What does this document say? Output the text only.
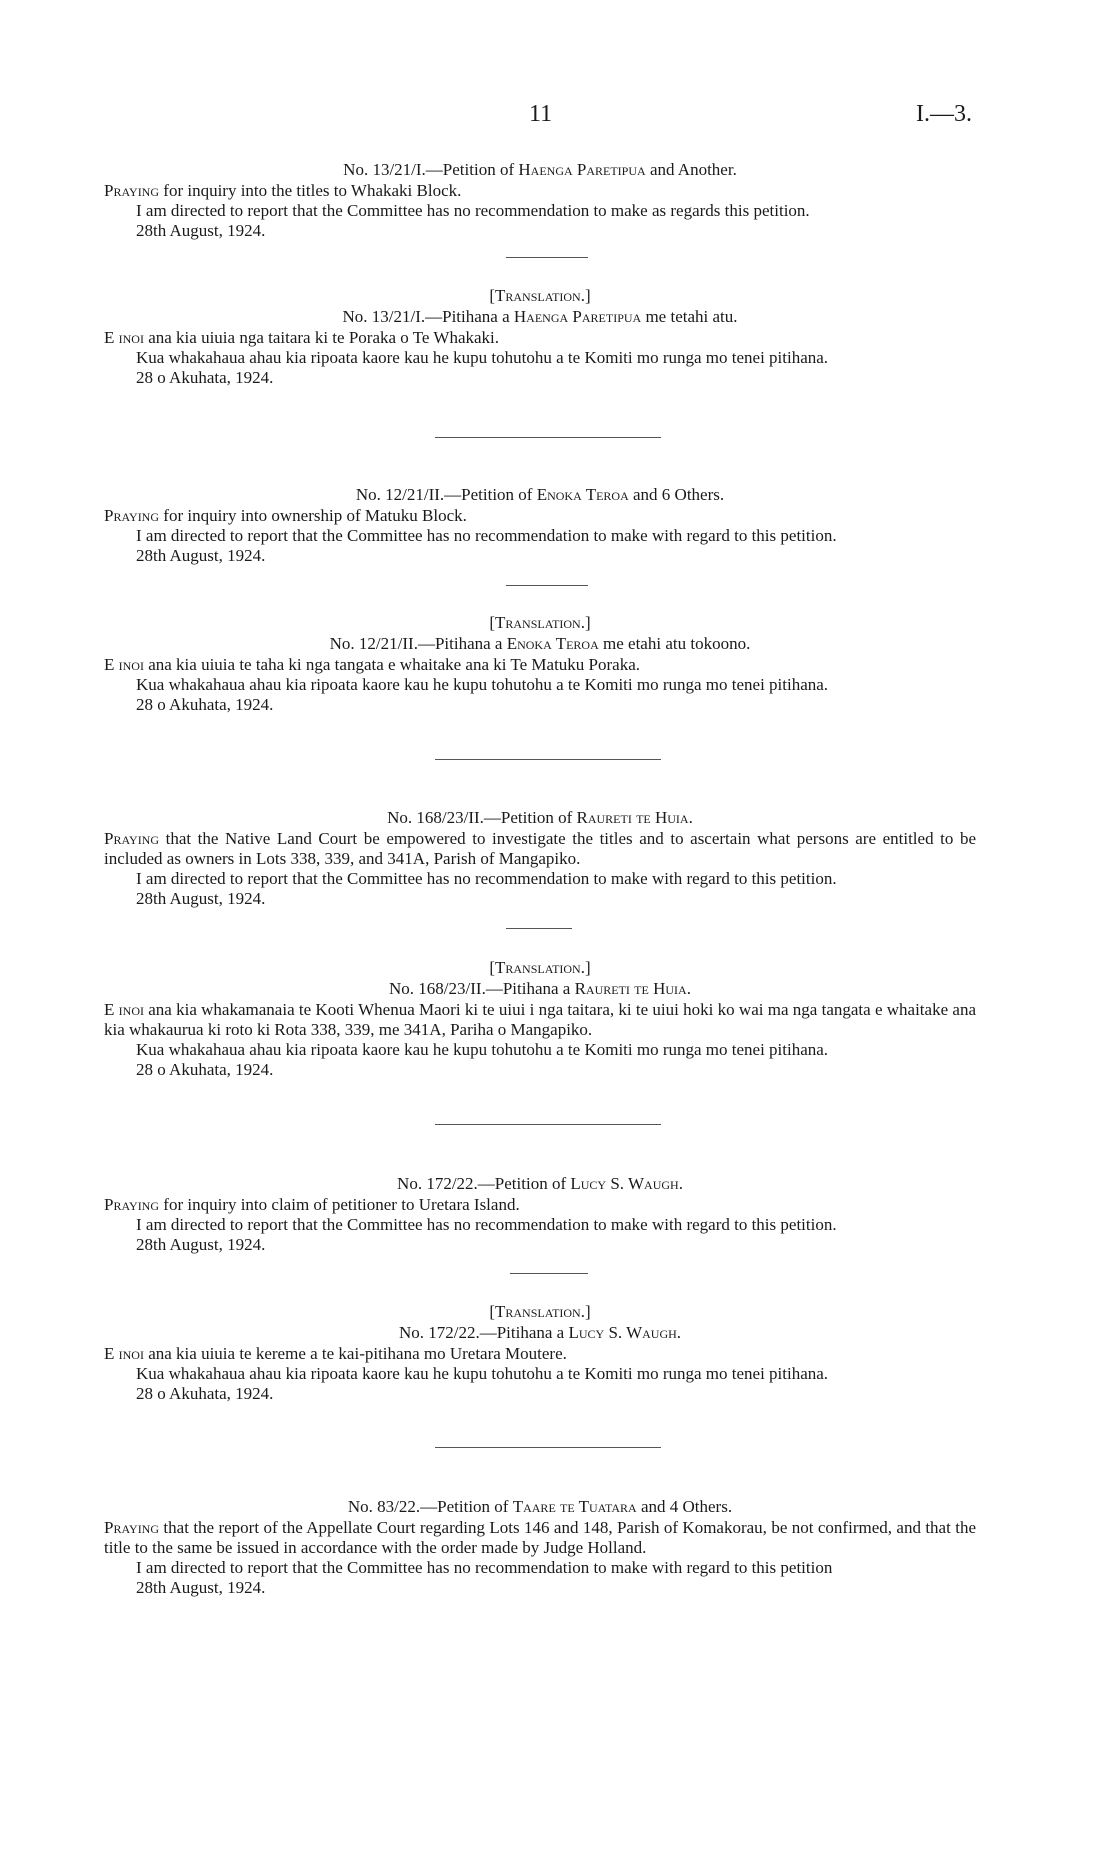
11	I.—3.
No. 13/21/I.—Petition of Haenga Paretipua and Another.

Praying for inquiry into the titles to Whakaki Block.

I am directed to report that the Committee has no recommendation to make as regards this petition.

28th August, 1924.

[Translation.]
No. 13/21/I.—Pitihana a Haenga Paretipua me tetahi atu.

E inoi ana kia uiuia nga taitara ki te Poraka o Te Whakaki.

Kua whakahaua ahau kia ripoata kaore kau he kupu tohutohu a te Komiti mo runga mo tenei pitihana.

28 o Akuhata, 1924.

No. 12/21/II.—Petition of Enoka Teroa and 6 Others.

Praying for inquiry into ownership of Matuku Block.

I am directed to report that the Committee has no recommendation to make with regard to this petition.

28th August, 1924.

[Translation.]
No. 12/21/II.—Pitihana a Enoka Teroa me etahi atu tokoono.

E inoi ana kia uiuia te taha ki nga tangata e whaitake ana ki Te Matuku Poraka.

Kua whakahaua ahau kia ripoata kaore kau he kupu tohutohu a te Komiti mo runga mo tenei pitihana.

28 o Akuhata, 1924.

No. 168/23/II.—Petition of Raureti te Huia.

Praying that the Native Land Court be empowered to investigate the titles and to ascertain what persons are entitled to be included as owners in Lots 338, 339, and 341A, Parish of Mangapiko.

I am directed to report that the Committee has no recommendation to make with regard to this petition.

28th August, 1924.

[Translation.]
No. 168/23/II.—Pitihana a Raureti te Huia.

E inoi ana kia whakamanaia te Kooti Whenua Maori ki te uiui i nga taitara, ki te uiui hoki ko wai ma nga tangata e whaitake ana kia whakaurua ki roto ki Rota 338, 339, me 341A, Pariha o Mangapiko.

Kua whakahaua ahau kia ripoata kaore kau he kupu tohutohu a te Komiti mo runga mo tenei pitihana.

28 o Akuhata, 1924.

No. 172/22.—Petition of Lucy S. Waugh.

Praying for inquiry into claim of petitioner to Uretara Island.

I am directed to report that the Committee has no recommendation to make with regard to this petition.

28th August, 1924.

[Translation.]
No. 172/22.—Pitihana a Lucy S. Waugh.

E inoi ana kia uiuia te kereme a te kai-pitihana mo Uretara Moutere.

Kua whakahaua ahau kia ripoata kaore kau he kupu tohutohu a te Komiti mo runga mo tenei pitihana.

28 o Akuhata, 1924.

No. 83/22.—Petition of Taare te Tuatara and 4 Others.

Praying that the report of the Appellate Court regarding Lots 146 and 148, Parish of Komakorau, be not confirmed, and that the title to the same be issued in accordance with the order made by Judge Holland.

I am directed to report that the Committee has no recommendation to make with regard to this petition

28th August, 1924.
